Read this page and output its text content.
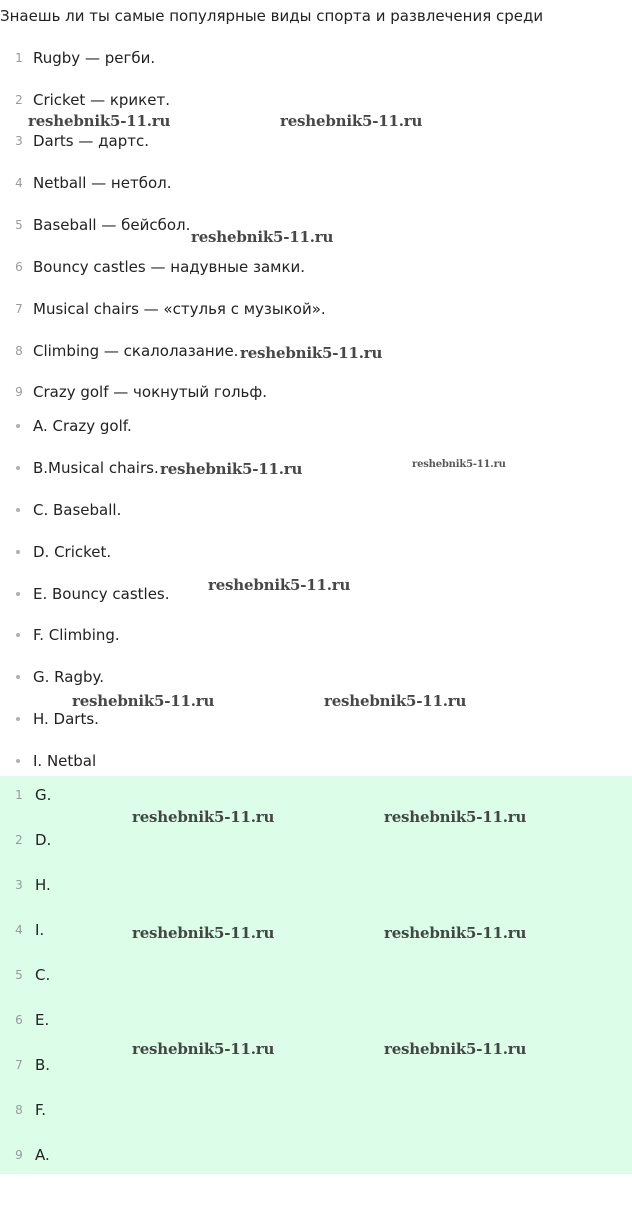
Знаешь ли ты самые популярные виды спорта и развлечения среди
1 Rugby — регби.
2 Cricket — крикет.
3 Darts — дартс.
4 Netball — нетбол.
5 Baseball — бейсбол.
6 Bouncy castles — надувные замки.
7 Musical chairs — «стулья с музыкой».
8 Climbing — скалолазание.
9 Crazy golf — чокнутый гольф.
A. Crazy golf.
B.Musical chairs.
C. Baseball.
D. Cricket.
E. Bouncy castles.
F. Climbing.
G. Ragby.
H. Darts.
I. Netbal
1 G.
2 D.
3 H.
4 I.
5 C.
6 E.
7 B.
8 F.
9 A.
reshebnik5-11.ru	reshebnik5-11.ru
reshebnik5-11.ru
reshebnik5-11.ru
reshebnik5-11.ru	reshebnik5-11.ru
reshebnik5-11.ru
reshebnik5-11.ru	reshebnik5-11.ru
reshebnik5-11.ru	reshebnik5-11.ru
reshebnik5-11.ru	reshebnik5-11.ru
reshebnik5-11.ru	reshebnik5-11.ru
